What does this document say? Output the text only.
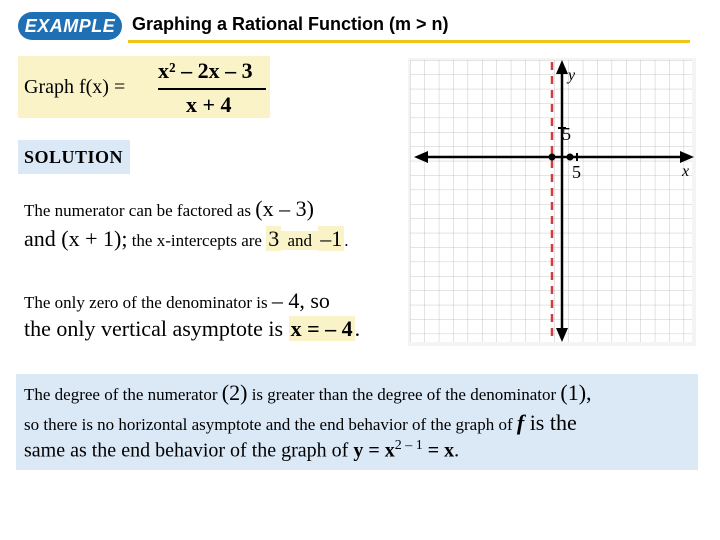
EXAMPLE Graphing a Rational Function (m > n)
Graph f(x) =
x² – 2x – 3
x + 4
SOLUTION
The numerator can be factored as (x – 3)
and (x + 1); the x-intercepts are 3 and –1 .
The only zero of the denominator is – 4, so
the only vertical asymptote is x = – 4.
y
x
5
5
The degree of the numerator (2) is greater than the degree of the denominator (1),
so there is no horizontal asymptote and the end behavior of the graph of f is the
same as the end behavior of the graph of $y = x^{2 - 1} = x$.
